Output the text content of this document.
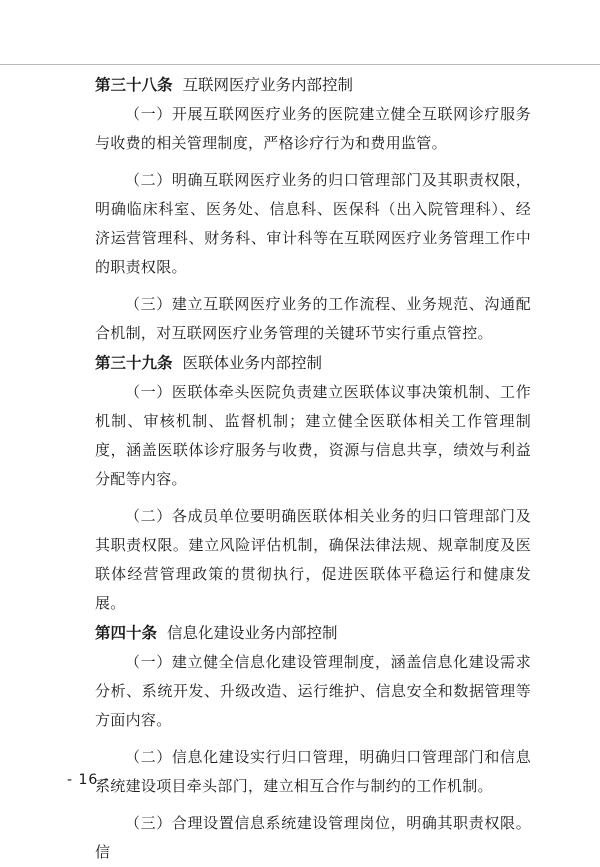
第三十八条 互联网医疗业务内部控制

（一）开展互联网医疗业务的医院建立健全互联网诊疗服务与收费的相关管理制度，严格诊疗行为和费用监管。

（二）明确互联网医疗业务的归口管理部门及其职责权限，明确临床科室、医务处、信息科、医保科（出入院管理科）、经济运营管理科、财务科、审计科等在互联网医疗业务管理工作中的职责权限。

（三）建立互联网医疗业务的工作流程、业务规范、沟通配合机制，对互联网医疗业务管理的关键环节实行重点管控。

第三十九条 医联体业务内部控制

（一）医联体牵头医院负责建立医联体议事决策机制、工作机制、审核机制、监督机制；建立健全医联体相关工作管理制度，涵盖医联体诊疗服务与收费，资源与信息共享，绩效与利益分配等内容。

（二）各成员单位要明确医联体相关业务的归口管理部门及其职责权限。建立风险评估机制，确保法律法规、规章制度及医联体经营管理政策的贯彻执行，促进医联体平稳运行和健康发展。

第四十条 信息化建设业务内部控制

（一）建立健全信息化建设管理制度，涵盖信息化建设需求分析、系统开发、升级改造、运行维护、信息安全和数据管理等方面内容。

（二）信息化建设实行归口管理，明确归口管理部门和信息系统建设项目牵头部门，建立相互合作与制约的工作机制。

（三）合理设置信息系统建设管理岗位，明确其职责权限。信

- 16 -
